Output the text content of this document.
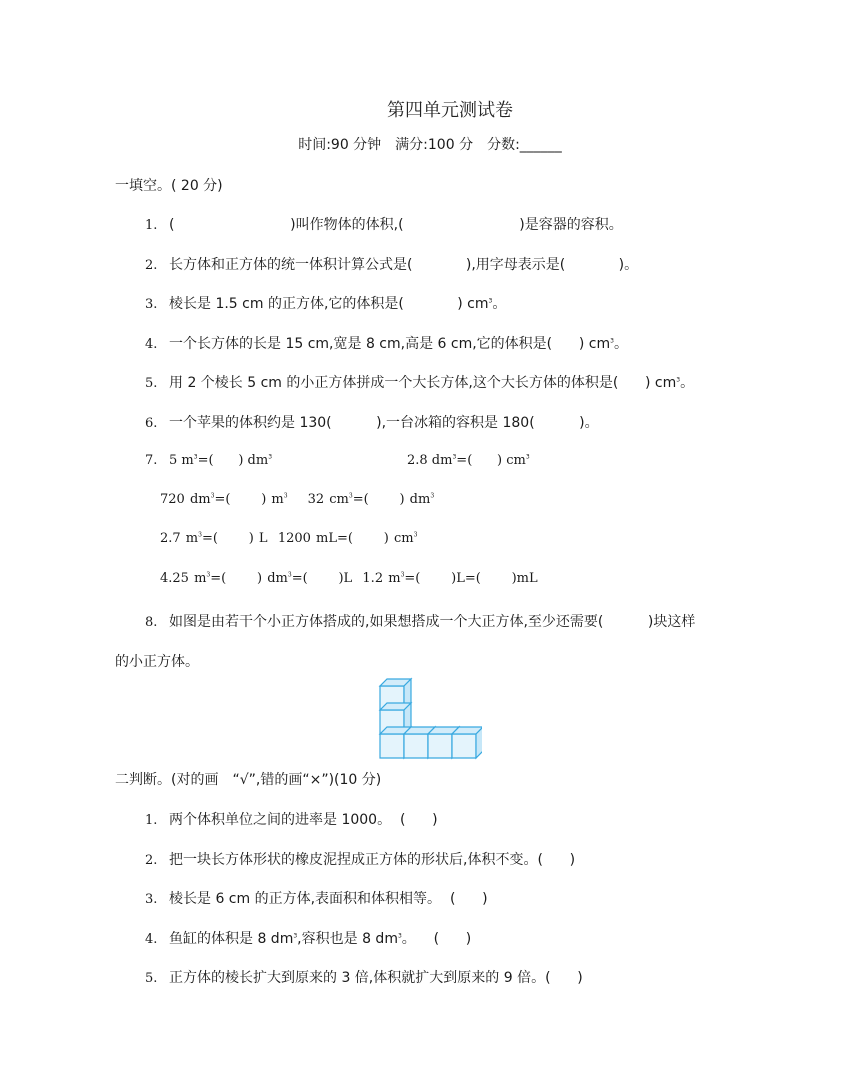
第四单元测试卷
时间:90 分钟　满分:100 分　分数:______
一填空。( 20 分)
1. (                          )叫作物体的体积,(                          )是容器的容积。
2. 长方体和正方体的统一体积计算公式是(            ),用字母表示是(            )。
3. 棱长是 1.5 cm 的正方体,它的体积是(            ) $cm^3$。
4. 一个长方体的长是 15 cm,宽是 8 cm,高是 6 cm,它的体积是(      ) $cm^3$。
5. 用 2 个棱长 5 cm 的小正方体拼成一个大长方体,这个大长方体的体积是(      ) $cm^3$。
6. 一个苹果的体积约是 130(          ),一台冰箱的容积是 180(          )。
7. 5 $m^3=$(      ) $dm^3$	2.8 $dm^3=$(      ) $cm^3$
720 $dm^3=$(      ) $m^3$ 32 $cm^3=$(      ) $dm^3$
2.7 $m^3=$(      ) L  1200 mL=(      ) $cm^3$
4.25 $m^3=$(      ) $dm^3=$(      )L  1.2 $m^3=$(      )L=(      )mL
8. 如图是由若干个小正方体搭成的,如果想搭成一个大正方体,至少还需要(          )块这样
的小正方体。
二判断。(对的画　“√”,错的画“×”)(10 分)
1. 两个体积单位之间的进率是 1000。  (      )
2. 把一块长方体形状的橡皮泥捏成正方体的形状后,体积不变。(      )
3. 棱长是 6 cm 的正方体,表面积和体积相等。  (      )
4. 鱼缸的体积是 8 $dm^3$,容积也是 8 $dm^3$。    (      )
5. 正方体的棱长扩大到原来的 3 倍,体积就扩大到原来的 9 倍。(      )
